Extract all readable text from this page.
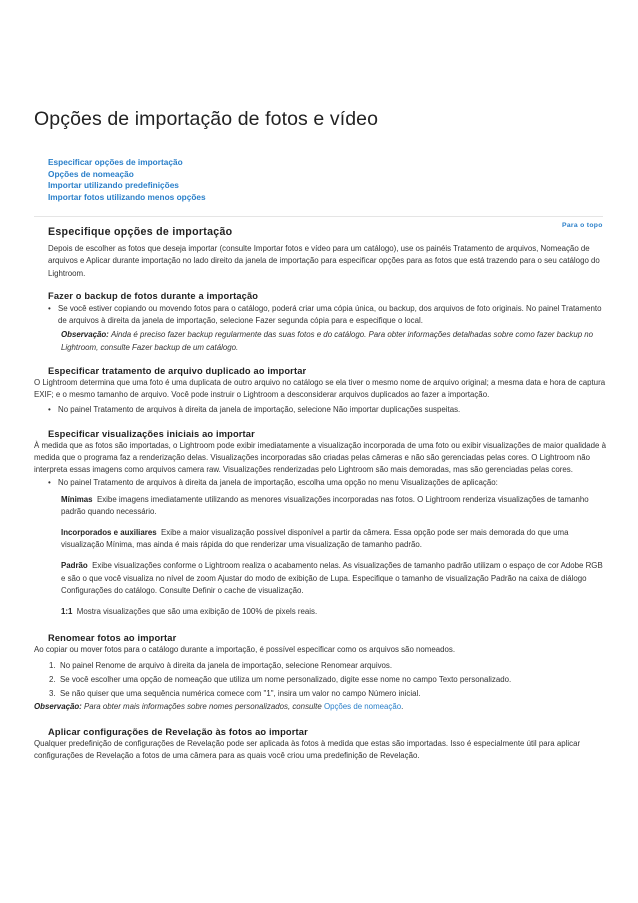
Opções de importação de fotos e vídeo
Especificar opções de importação
Opções de nomeação
Importar utilizando predefinições
Importar fotos utilizando menos opções
Para o topo
Especifique opções de importação

Depois de escolher as fotos que deseja importar (consulte Importar fotos e vídeo para um catálogo), use os painéis Tratamento de arquivos, Nomeação de arquivos e Aplicar durante importação no lado direito da janela de importação para especificar opções para as fotos que está trazendo para o seu catálogo do Lightroom.

Fazer o backup de fotos durante a importação
• Se você estiver copiando ou movendo fotos para o catálogo, poderá criar uma cópia única, ou backup, dos arquivos de foto originais. No painel Tratamento de arquivos à direita da janela de importação, selecione Fazer segunda cópia para e especifique o local.

Observação: Ainda é preciso fazer backup regularmente das suas fotos e do catálogo. Para obter informações detalhadas sobre como fazer backup no Lightroom, consulte Fazer backup de um catálogo.

Especificar tratamento de arquivo duplicado ao importar

O Lightroom determina que uma foto é uma duplicata de outro arquivo no catálogo se ela tiver o mesmo nome de arquivo original; a mesma data e hora de captura EXIF; e o mesmo tamanho de arquivo. Você pode instruir o Lightroom a desconsiderar arquivos duplicados ao fazer a importação.

• No painel Tratamento de arquivos à direita da janela de importação, selecione Não importar duplicações suspeitas.
Especificar visualizações iniciais ao importar

À medida que as fotos são importadas, o Lightroom pode exibir imediatamente a visualização incorporada de uma foto ou exibir visualizações de maior qualidade à medida que o programa faz a renderização delas. Visualizações incorporadas são criadas pelas câmeras e não são gerenciadas pelas cores. O Lightroom não interpreta essas imagens como arquivos camera raw. Visualizações renderizadas pelo Lightroom são mais demoradas, mas são gerenciadas pelas cores.

• No painel Tratamento de arquivos à direita da janela de importação, escolha uma opção no menu Visualizações de aplicação:

Mínimas Exibe imagens imediatamente utilizando as menores visualizações incorporadas nas fotos. O Lightroom renderiza visualizações de tamanho padrão quando necessário.

Incorporados e auxiliares Exibe a maior visualização possível disponível a partir da câmera. Essa opção pode ser mais demorada do que uma visualização Mínima, mas ainda é mais rápida do que renderizar uma visualização de tamanho padrão.

Padrão Exibe visualizações conforme o Lightroom realiza o acabamento nelas. As visualizações de tamanho padrão utilizam o espaço de cor Adobe RGB e são o que você visualiza no nível de zoom Ajustar do modo de exibição de Lupa. Especifique o tamanho de visualização Padrão na caixa de diálogo Configurações do catálogo. Consulte Definir o cache de visualização.

1:1 Mostra visualizações que são uma exibição de 100% de pixels reais.

Renomear fotos ao importar

Ao copiar ou mover fotos para o catálogo durante a importação, é possível especificar como os arquivos são nomeados.

1. No painel Renome de arquivo à direita da janela de importação, selecione Renomear arquivos.
2. Se você escolher uma opção de nomeação que utiliza um nome personalizado, digite esse nome no campo Texto personalizado.
3. Se não quiser que uma sequência numérica comece com "1", insira um valor no campo Número inicial.

Observação: Para obter mais informações sobre nomes personalizados, consulte Opções de nomeação.

Aplicar configurações de Revelação às fotos ao importar

Qualquer predefinição de configurações de Revelação pode ser aplicada às fotos à medida que estas são importadas. Isso é especialmente útil para aplicar configurações de Revelação a fotos de uma câmera para as quais você criou uma predefinição de Revelação.
